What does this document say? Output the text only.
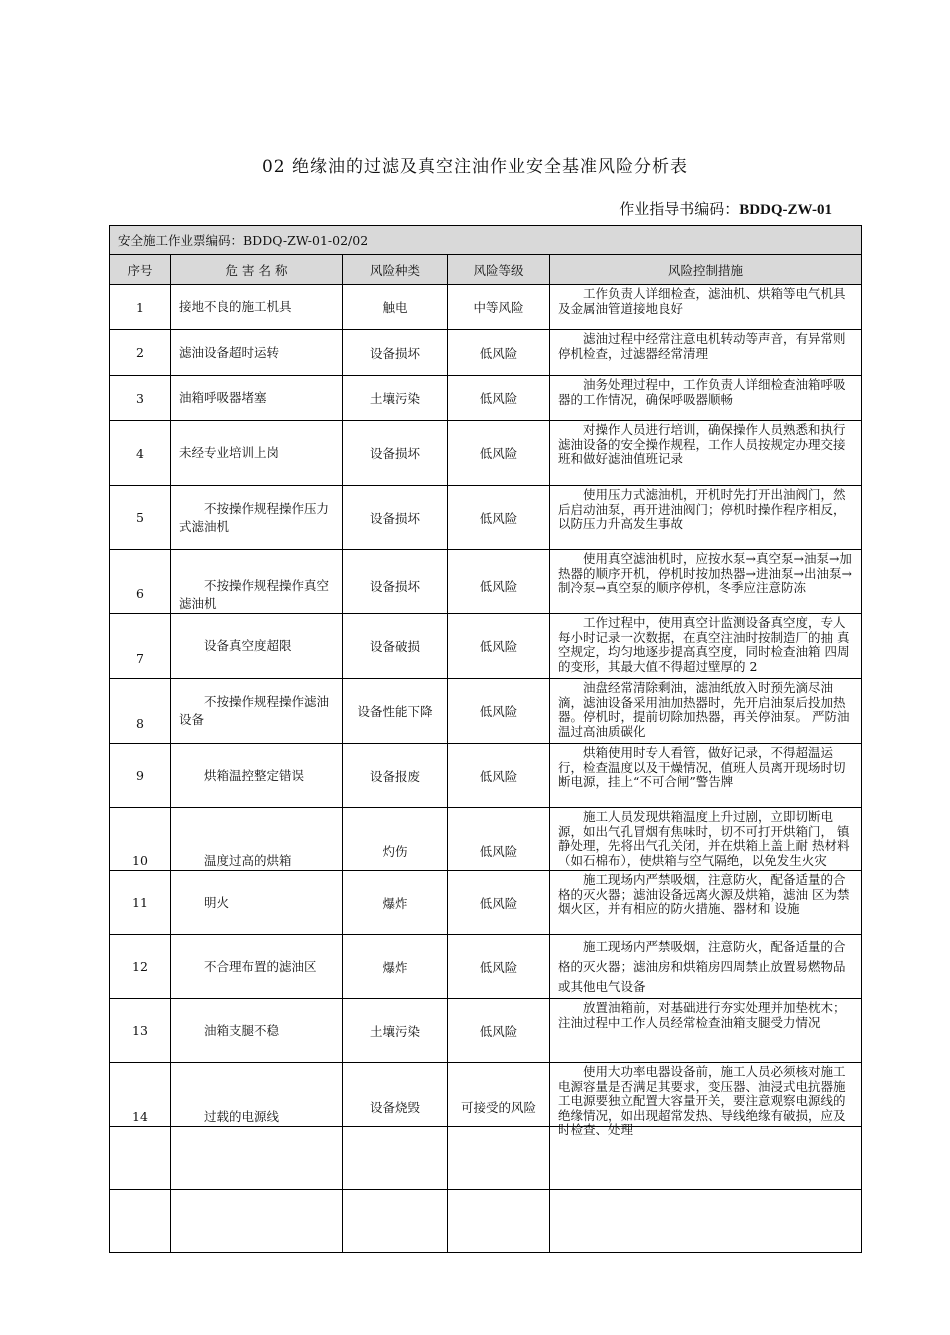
02 绝缘油的过滤及真空注油作业安全基准风险分析表
作业指导书编码：BDDQ-ZW-01
安全施工作业票编码：BDDQ-ZW-01-02/02				
序号	危 害 名 称	风险种类	风险等级	风险控制措施
1	接地不良的施工机具	触电	中等风险	工作负责人详细检查，滤油机、烘箱等电气机具及金属油管道接地良好

2	滤油设备超时运转	设备损坏	低风险	滤油过程中经常注意电机转动等声音，有异常则停机检查，过滤器经常清理

3	油箱呼吸器堵塞	土壤污染	低风险	油务处理过程中，工作负责人详细检查油箱呼吸器的工作情况，确保呼吸器顺畅

4	未经专业培训上岗	设备损坏	低风险	对操作人员进行培训，确保操作人员熟悉和执行滤油设备的安全操作规程，工作人员按规定办理交接班和做好滤油值班记录

5	不按操作规程操作压力式滤油机	设备损坏	低风险	使用压力式滤油机，开机时先打开出油阀门，然后启动油泵，再开进油阀门；停机时操作程序相反，以防压力升高发生事故

6	不按操作规程操作真空滤油机	设备损坏	低风险	使用真空滤油机时，应按水泵→真空泵→油泵→加热器的顺序开机，停机时按加热器→进油泵→出油泵→制冷泵→真空泵的顺序停机，冬季应注意防冻

7	设备真空度超限	设备破损	低风险	工作过程中，使用真空计监测设备真空度，专人 每小时记录一次数据，在真空注油时按制造厂的抽 真空规定，均匀地逐步提高真空度，同时检查油箱 四周的变形，其最大值不得超过壁厚的 2

8	不按操作规程操作滤油设备	设备性能下降	低风险	油盘经常清除剩油，滤油纸放入时预先滴尽油滴，滤油设备采用油加热器时，先开启油泵后投加热器。停机时，提前切除加热器，再关停油泵。 严防油温过高油质碳化

9	烘箱温控整定错误	设备报废	低风险	烘箱使用时专人看管，做好记录，不得超温运行，检查温度以及干燥情况，值班人员离开现场时切断电源，挂上“不可合闸”警告牌

10	温度过高的烘箱	灼伤	低风险	施工人员发现烘箱温度上升过剧，立即切断电源，如出气孔冒烟有焦味时，切不可打开烘箱门， 镇静处理，先将出气孔关闭，并在烘箱上盖上耐 热材料（如石棉布），使烘箱与空气隔绝，以免发生火灾

11	明火	爆炸	低风险	施工现场内严禁吸烟，注意防火，配备适量的合格的灭火器；滤油设备远离火源及烘箱，滤油 区为禁烟火区，并有相应的防火措施、器材和 设施

12	不合理布置的滤油区	爆炸	低风险	施工现场内严禁吸烟，注意防火，配备适量的合格的灭火器；滤油房和烘箱房四周禁止放置易燃物品或其他电气设备

13	油箱支腿不稳	土壤污染	低风险	放置油箱前，对基础进行夯实处理并加垫枕木；注油过程中工作人员经常检查油箱支腿受力情况

14	过载的电源线	设备烧毁	可接受的风险	使用大功率电器设备前，施工人员必须核对施工电源容量是否满足其要求，变压器、油浸式电抗器施工电源要独立配置大容量开关，要注意观察电源线的绝缘情况，如出现超常发热、导线绝缘有破损，应及时检查、处理
